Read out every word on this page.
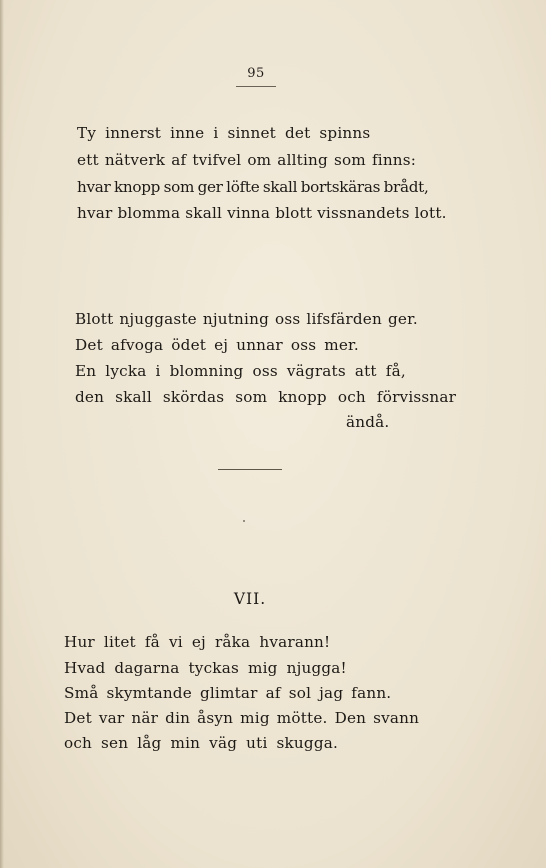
95
Ty innerst inne i sinnet det spinns
ett nätverk af tvifvel om allting som finns:
hvar knopp som ger löfte skall bortskäras brådt,
hvar blomma skall vinna blott vissnandets lott.
Blott njuggaste njutning oss lifsfärden ger.
Det afvoga ödet ej unnar oss mer.
En lycka i blomning oss vägrats att få,
den skall skördas som knopp och förvissnar
ändå.
VII.
Hur litet få vi ej råka hvarann!
Hvad dagarna tyckas mig njugga!
Små skymtande glimtar af sol jag fann.
Det var när din åsyn mig mötte. Den svann
och sen låg min väg uti skugga.
